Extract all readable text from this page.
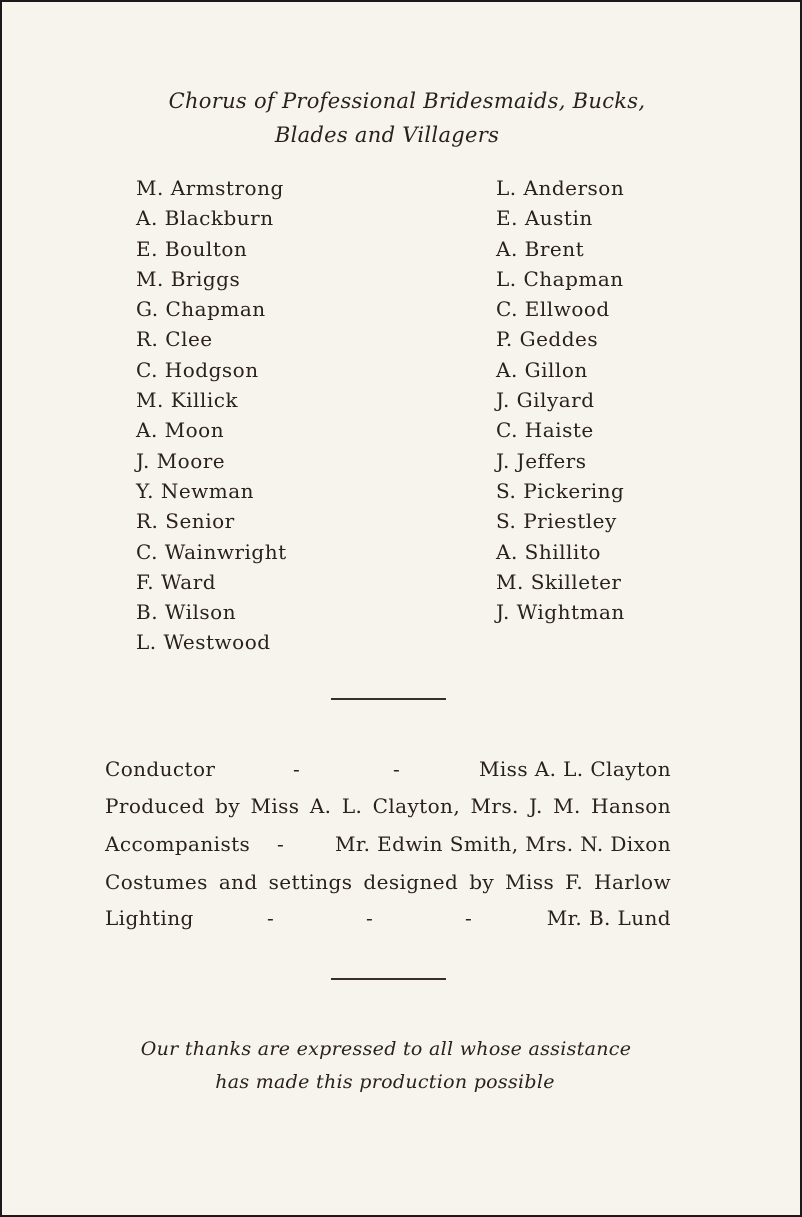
Chorus of Professional Bridesmaids, Bucks,
Blades and Villagers
M. Armstrong
A. Blackburn
E. Boulton
M. Briggs
G. Chapman
R. Clee
C. Hodgson
M. Killick
A. Moon
J. Moore
Y. Newman
R. Senior
C. Wainwright
F. Ward
B. Wilson
L. Westwood
L. Anderson
E. Austin
A. Brent
L. Chapman
C. Ellwood
P. Geddes
A. Gillon
J. Gilyard
C. Haiste
J. Jeffers
S. Pickering
S. Priestley
A. Shillito
M. Skilleter
J. Wightman
Conductor	-	-	Miss A. L. Clayton
Produced by Miss A. L. Clayton, Mrs. J. M. Hanson
Accompanists -	Mr. Edwin Smith, Mrs. N. Dixon
Costumes and settings designed by Miss F. Harlow
Lighting	-	-	-	Mr. B. Lund
Our thanks are expressed to all whose assistance
has made this production possible
